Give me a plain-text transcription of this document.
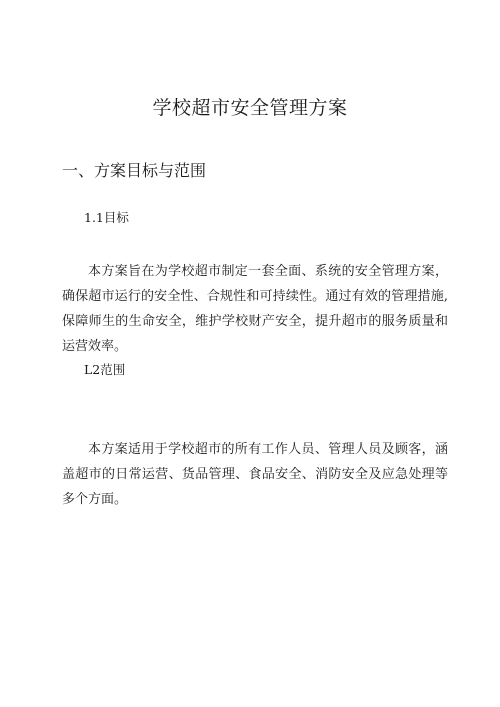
学校超市安全管理方案
一、方案目标与范围
1.1目标
本方案旨在为学校超市制定一套全面、系统的安全管理方案，确保超市运行的安全性、合规性和可持续性。通过有效的管理措施,保障师生的生命安全，维护学校财产安全，提升超市的服务质量和运营效率。
L2范围
本方案适用于学校超市的所有工作人员、管理人员及顾客，涵盖超市的日常运营、货品管理、食品安全、消防安全及应急处理等多个方面。
